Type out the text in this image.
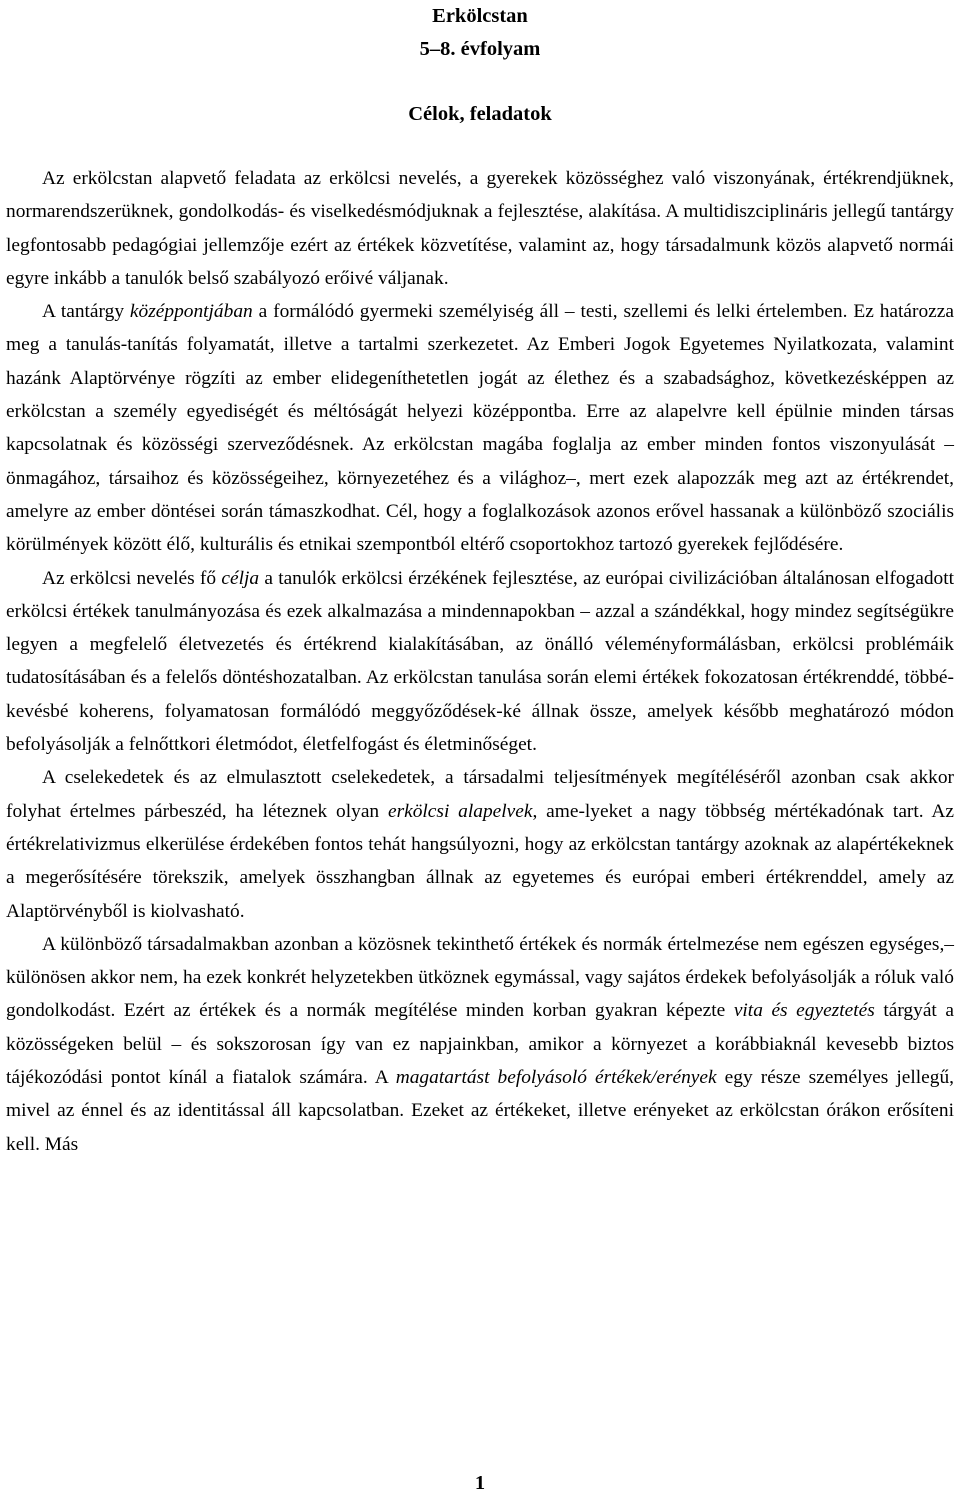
Erkölcstan

5–8. évfolyam

Célok, feladatok

Az erkölcstan alapvető feladata az erkölcsi nevelés, a gyerekek közösséghez való viszonyának, értékrendjüknek, normarendszerüknek, gondolkodás- és viselkedésmódjuknak a fejlesztése, alakítása. A multidiszciplináris jellegű tantárgy legfontosabb pedagógiai jellemzője ezért az értékek közvetítése, valamint az, hogy társadalmunk közös alapvető normái egyre inkább a tanulók belső szabályozó erőivé váljanak.

A tantárgy középpontjában a formálódó gyermeki személyiség áll – testi, szellemi és lelki értelemben. Ez határozza meg a tanulás-tanítás folyamatát, illetve a tartalmi szerkezetet. Az Emberi Jogok Egyetemes Nyilatkozata, valamint hazánk Alaptörvénye rögzíti az ember elidegeníthetetlen jogát az élethez és a szabadsághoz, következésképpen az erkölcstan a személy egyediségét és méltóságát helyezi középpontba. Erre az alapelvre kell épülnie minden társas kapcsolatnak és közösségi szerveződésnek. Az erkölcstan magába foglalja az ember minden fontos viszonyulását – önmagához, társaihoz és közösségeihez, környezetéhez és a világhoz–, mert ezek alapozzák meg azt az értékrendet, amelyre az ember döntései során támaszkodhat. Cél, hogy a foglalkozások azonos erővel hassanak a különböző szociális körülmények között élő, kulturális és etnikai szempontból eltérő csoportokhoz tartozó gyerekek fejlődésére.

Az erkölcsi nevelés fő célja a tanulók erkölcsi érzékének fejlesztése, az európai civilizációban általánosan elfogadott erkölcsi értékek tanulmányozása és ezek alkalmazása a mindennapokban – azzal a szándékkal, hogy mindez segítségükre legyen a megfelelő életvezetés és értékrend kialakításában, az önálló véleményformálásban, erkölcsi problémáik tudatosításában és a felelős döntéshozatalban. Az erkölcstan tanulása során elemi értékek fokozatosan értékrenddé, többé-kevésbé koherens, folyamatosan formálódó meggyőződések-ké állnak össze, amelyek később meghatározó módon befolyásolják a felnőttkori életmódot, életfelfogást és életminőséget.

A cselekedetek és az elmulasztott cselekedetek, a társadalmi teljesítmények megítéléséről azonban csak akkor folyhat értelmes párbeszéd, ha léteznek olyan erkölcsi alapelvek, ame-lyeket a nagy többség mértékadónak tart. Az értékrelativizmus elkerülése érdekében fontos tehát hangsúlyozni, hogy az erkölcstan tantárgy azoknak az alapértékeknek a megerősítésére törekszik, amelyek összhangban állnak az egyetemes és európai emberi értékrenddel, amely az Alaptörvényből is kiolvasható.

A különböző társadalmakban azonban a közösnek tekinthető értékek és normák értelmezése nem egészen egységes,– különösen akkor nem, ha ezek konkrét helyzetekben ütköznek egymással, vagy sajátos érdekek befolyásolják a róluk való gondolkodást. Ezért az értékek és a normák megítélése minden korban gyakran képezte vita és egyeztetés tárgyát a közösségeken belül – és sokszorosan így van ez napjainkban, amikor a környezet a korábbiaknál kevesebb biztos tájékozódási pontot kínál a fiatalok számára. A magatartást befolyásoló értékek/erények egy része személyes jellegű, mivel az énnel és az identitással áll kapcsolatban. Ezeket az értékeket, illetve erényeket az erkölcstan órákon erősíteni kell. Más

1
